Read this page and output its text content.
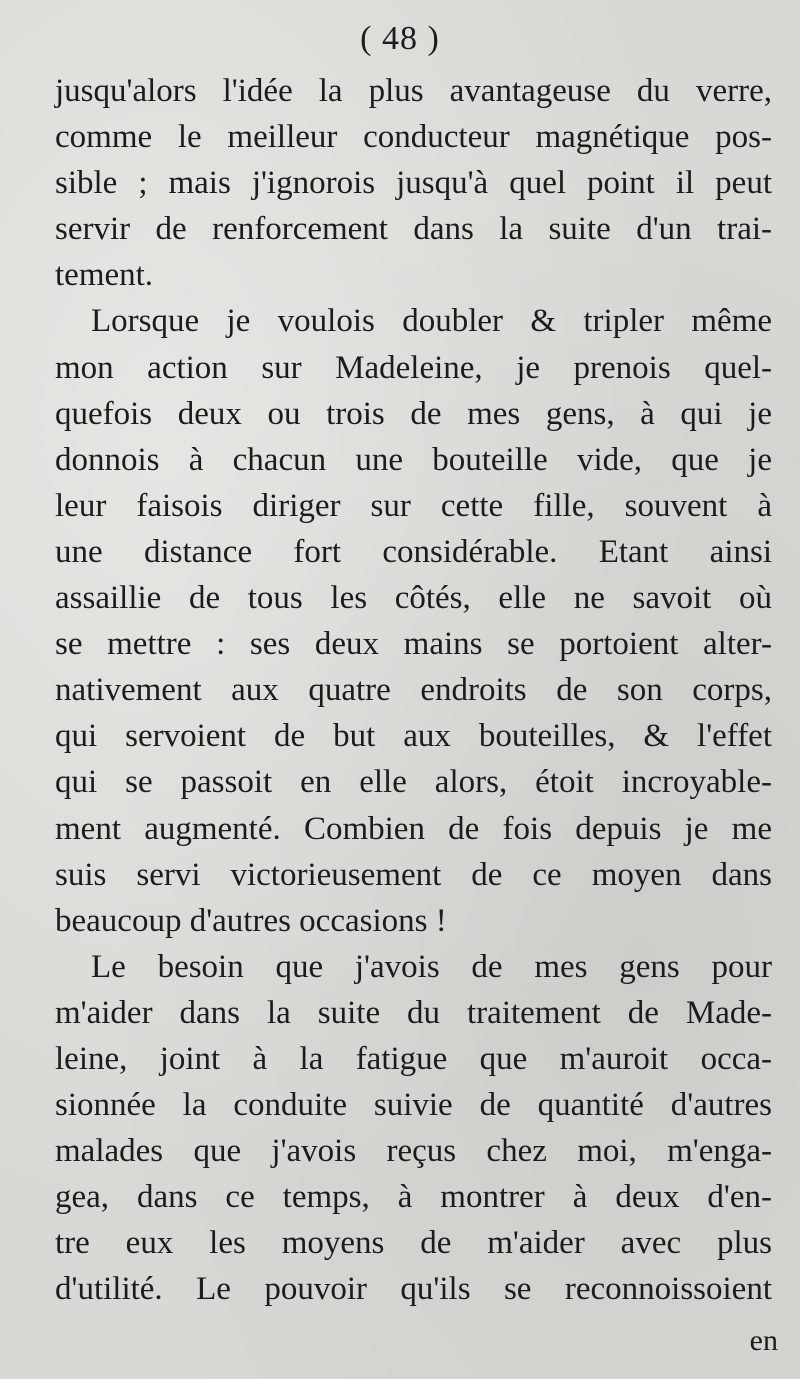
( 48 )
jusqu'alors l'idée la plus avantageuse du verre,
comme le meilleur conducteur magnétique pos-
sible ; mais j'ignorois jusqu'à quel point il peut
servir de renforcement dans la suite d'un trai-
tement.
Lorsque je voulois doubler & tripler même
mon action sur Madeleine, je prenois quel-
quefois deux ou trois de mes gens, à qui je
donnois à chacun une bouteille vide, que je
leur faisois diriger sur cette fille, souvent à
une distance fort considérable. Etant ainsi
assaillie de tous les côtés, elle ne savoit où
se mettre : ses deux mains se portoient alter-
nativement aux quatre endroits de son corps,
qui servoient de but aux bouteilles, & l'effet
qui se passoit en elle alors, étoit incroyable-
ment augmenté. Combien de fois depuis je me
suis servi victorieusement de ce moyen dans
beaucoup d'autres occasions !
Le besoin que j'avois de mes gens pour
m'aider dans la suite du traitement de Made-
leine, joint à la fatigue que m'auroit occa-
sionnée la conduite suivie de quantité d'autres
malades que j'avois reçus chez moi, m'enga-
gea, dans ce temps, à montrer à deux d'en-
tre eux les moyens de m'aider avec plus
d'utilité. Le pouvoir qu'ils se reconnoissoient
en
